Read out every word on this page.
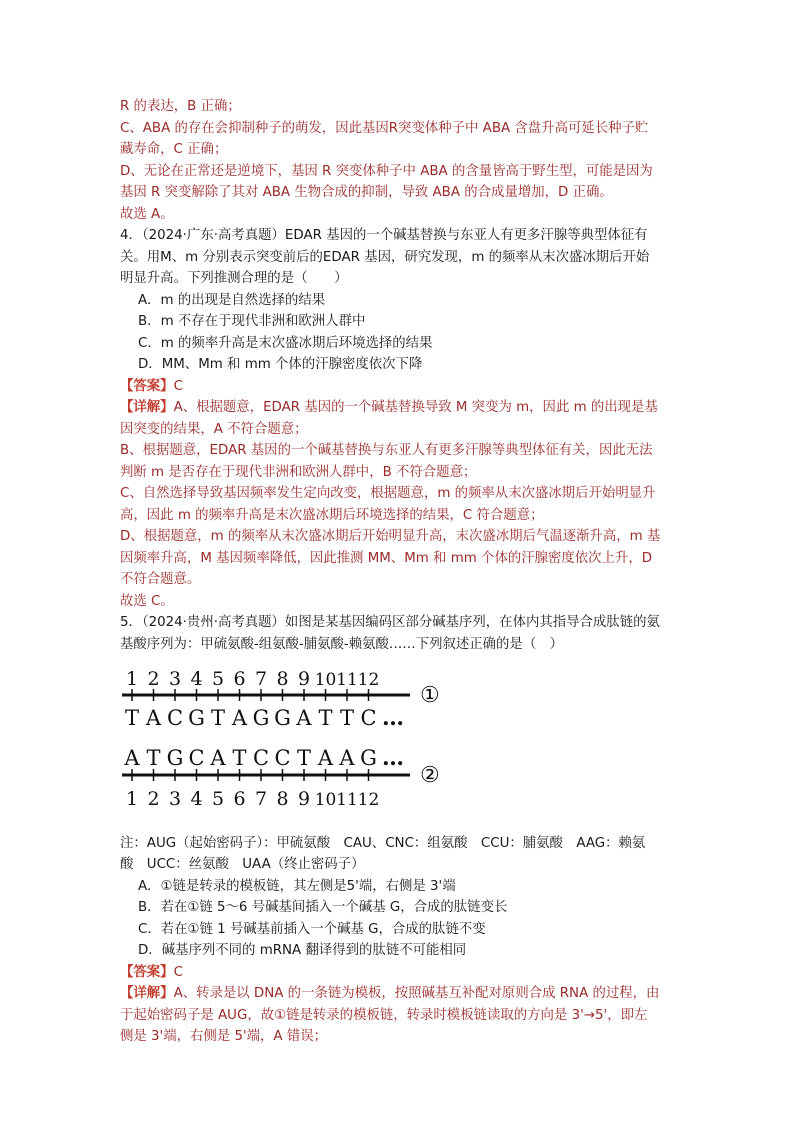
R 的表达，B 正确；

C、ABA 的存在会抑制种子的萌发，因此基因R突变体种子中 ABA 含盘升高可延长种子贮

藏寿命，C 正确；

D、无论在正常还是逆境下，基因 R 突变体种子中 ABA 的含量皆高于野生型，可能是因为

基因 R 突变解除了其对 ABA 生物合成的抑制，导致 ABA 的合成量增加，D 正确。

故选 A。

4．（2024·广东·高考真题）EDAR 基因的一个碱基替换与东亚人有更多汗腺等典型体征有

关。用M、m 分别表示突变前后的EDAR 基因，研究发现，m 的频率从末次盛冰期后开始

明显升高。下列推测合理的是（　　）

A．m 的出现是自然选择的结果

B．m 不存在于现代非洲和欧洲人群中

C．m 的频率升高是末次盛冰期后环境选择的结果

D．MM、Mm 和 mm 个体的汗腺密度依次下降

【答案】C

【详解】A、根据题意，EDAR 基因的一个碱基替换导致 M 突变为 m，因此 m 的出现是基

因突变的结果，A 不符合题意；

B、根据题意，EDAR 基因的一个碱基替换与东亚人有更多汗腺等典型体征有关，因此无法

判断 m 是否存在于现代非洲和欧洲人群中，B 不符合题意；

C、自然选择导致基因频率发生定向改变，根据题意，m 的频率从末次盛冰期后开始明显升

高，因此 m 的频率升高是末次盛冰期后环境选择的结果，C 符合题意；

D、根据题意，m 的频率从末次盛冰期后开始明显升高，末次盛冰期后气温逐渐升高，m 基

因频率升高，M 基因频率降低，因此推测 MM、Mm 和 mm 个体的汗腺密度依次上升，D

不符合题意。

故选 C。

5．（2024·贵州·高考真题）如图是某基因编码区部分碱基序列，在体内其指导合成肽链的氨

基酸序列为：甲硫氨酸-组氨酸-脯氨酸-赖氨酸……下列叙述正确的是（　）

1 2 3 4 5 6 7 8 9 10 11 12
T A C G T A G G A T T C …
①
A T G C A T C C T A A G …
②
1 2 3 4 5 6 7 8 9 10 11 12

注：AUG（起始密码子）：甲硫氨酸　CAU、CNC：组氨酸　CCU：脯氨酸　AAG：赖氨

酸　UCC：丝氨酸　UAA（终止密码子）

A．①链是转录的模板链，其左侧是5'端，右侧是 3'端

B．若在①链 5～6 号碱基间插入一个碱基 G，合成的肽链变长

C．若在①链 1 号碱基前插入一个碱基 G，合成的肽链不变

D．碱基序列不同的 mRNA 翻译得到的肽链不可能相同

【答案】C

【详解】A、转录是以 DNA 的一条链为模板，按照碱基互补配对原则合成 RNA 的过程，由

于起始密码子是 AUG，故①链是转录的模板链，转录时模板链读取的方向是 3'→5'，即左

侧是 3'端，右侧是 5'端，A 错误；
